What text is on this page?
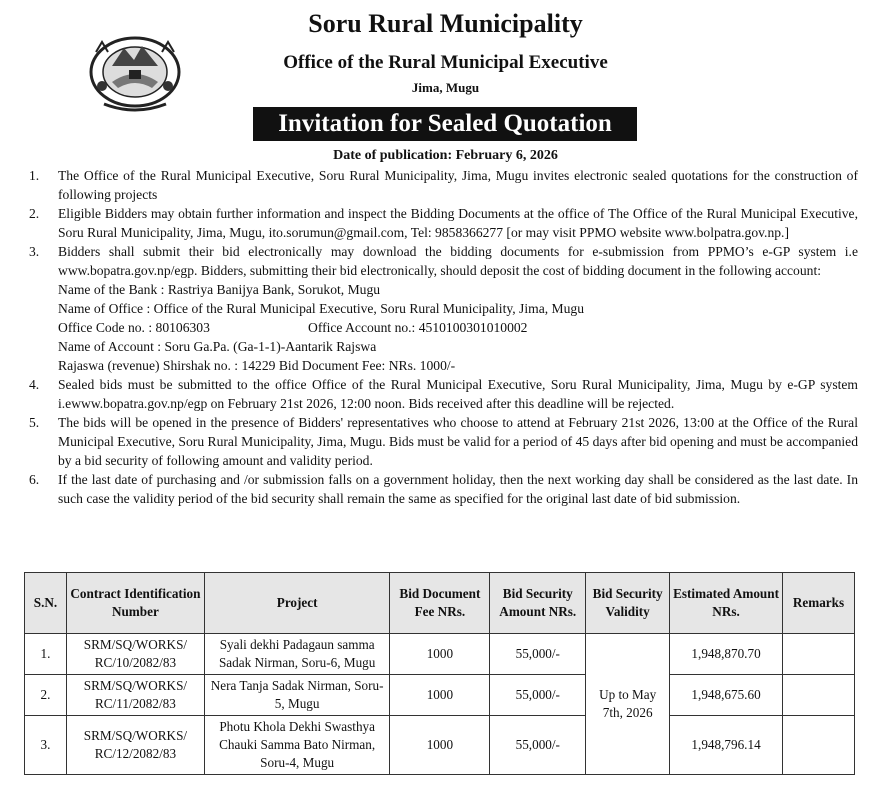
Soru Rural Municipality
Office of the Rural Municipal Executive
Jima, Mugu
Invitation for Sealed Quotation
Date of publication: February 6, 2026
1. The Office of the Rural Municipal Executive, Soru Rural Municipality, Jima, Mugu invites electronic sealed quotations for the construction of following projects
2. Eligible Bidders may obtain further information and inspect the Bidding Documents at the office of The Office of the Rural Municipal Executive, Soru Rural Municipality, Jima, Mugu, ito.sorumun@gmail.com, Tel: 9858366277 [or may visit PPMO website www.bolpatra.gov.np.]
3. Bidders shall submit their bid electronically may download the bidding documents for e-submission from PPMO’s e-GP system i.e www.bopatra.gov.np/egp. Bidders, submitting their bid electronically, should deposit the cost of bidding document in the following account:
Name of the Bank : Rastriya Banijya Bank, Sorukot, Mugu
Name of Office : Office of the Rural Municipal Executive, Soru Rural Municipality, Jima, Mugu
Office Code no. : 80106303	Office Account no.: 4510100301010002
Name of Account : Soru Ga.Pa. (Ga-1-1)-Aantarik Rajswa
Rajaswa (revenue) Shirshak no. : 14229 Bid Document Fee: NRs. 1000/-
4. Sealed bids must be submitted to the office Office of the Rural Municipal Executive, Soru Rural Municipality, Jima, Mugu by e-GP system i.ewww.bopatra.gov.np/egp on February 21st 2026, 12:00 noon. Bids received after this deadline will be rejected.
5. The bids will be opened in the presence of Bidders' representatives who choose to attend at February 21st 2026, 13:00 at the Office of the Rural Municipal Executive, Soru Rural Municipality, Jima, Mugu. Bids must be valid for a period of 45 days after bid opening and must be accompanied by a bid security of following amount and validity period.
6. If the last date of purchasing and /or submission falls on a government holiday, then the next working day shall be considered as the last date. In such case the validity period of the bid security shall remain the same as specified for the original last date of bid submission.
S.N.	Contract Identification Number	Project	Bid Document Fee NRs.	Bid Security Amount NRs.	Bid Security Validity	Estimated Amount NRs.	Remarks
1.	SRM/SQ/WORKS/ RC/10/2082/83	Syali dekhi Padagaun samma Sadak Nirman, Soru-6, Mugu	1000	55,000/-	Up to May 7th, 2026	1,948,870.70	
2.	SRM/SQ/WORKS/ RC/11/2082/83	Nera Tanja Sadak Nirman, Soru-5, Mugu	1000	55,000/-		1,948,675.60	
3.	SRM/SQ/WORKS/ RC/12/2082/83	Photu Khola Dekhi Swasthya Chauki Samma Bato Nirman, Soru-4, Mugu	1000	55,000/-		1,948,796.14	
